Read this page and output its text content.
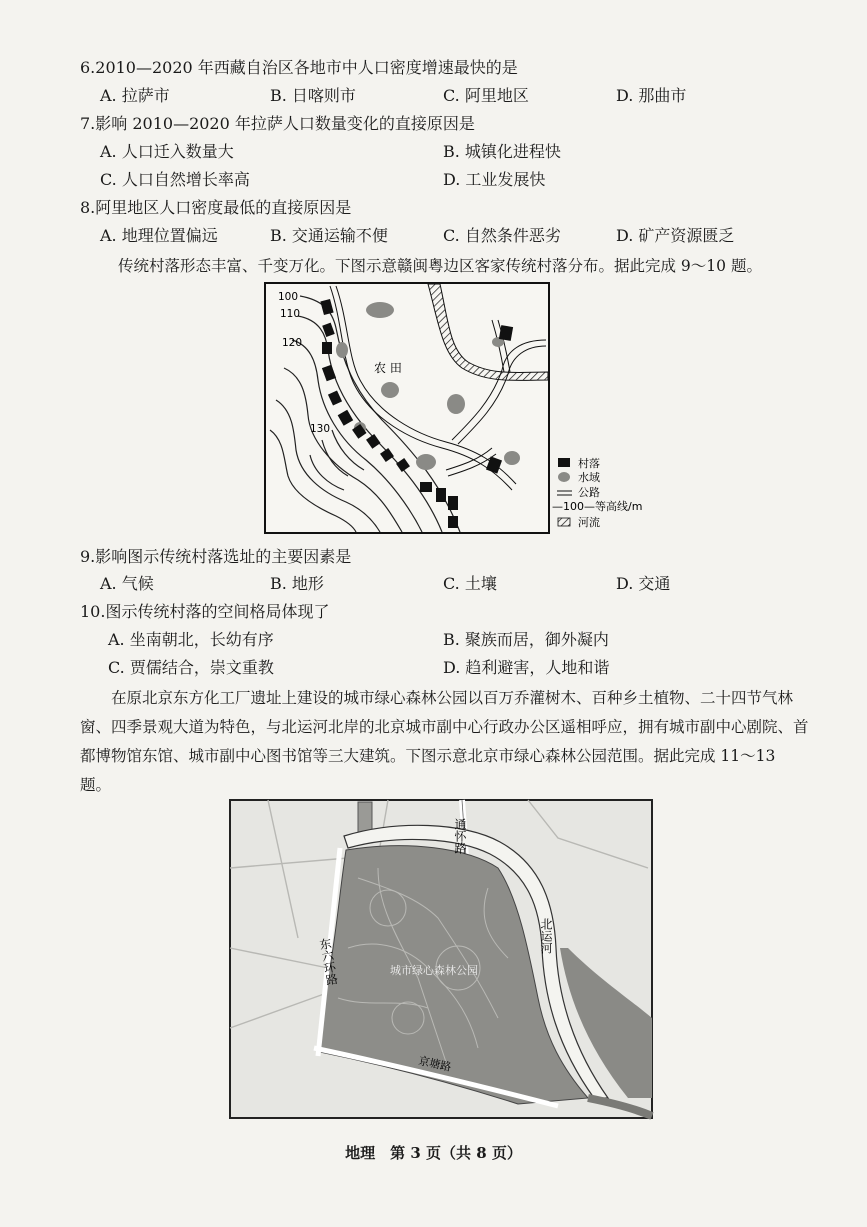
6.2010—2020 年西藏自治区各地市中人口密度增速最快的是
A. 拉萨市	B. 日喀则市	C. 阿里地区	D. 那曲市
7.影响 2010—2020 年拉萨人口数量变化的直接原因是
A. 人口迁入数量大	B. 城镇化进程快
C. 人口自然增长率高	D. 工业发展快
8.阿里地区人口密度最低的直接原因是
A. 地理位置偏远	B. 交通运输不便	C. 自然条件恶劣	D. 矿产资源匮乏
传统村落形态丰富、千变万化。下图示意赣闽粤边区客家传统村落分布。据此完成 9～10 题。
100
110
120
130
农 田
村落
水域
公路
—100—等高线/m
河流
9.影响图示传统村落选址的主要因素是
A. 气候	B. 地形	C. 土壤	D. 交通
10.图示传统村落的空间格局体现了
A. 坐南朝北，长幼有序	B. 聚族而居，御外凝内
C. 贾儒结合，崇文重教	D. 趋利避害，人地和谐
在原北京东方化工厂遗址上建设的城市绿心森林公园以百万乔灌树木、百种乡土植物、二十四节气林窗、四季景观大道为特色，与北运河北岸的北京城市副中心行政办公区遥相呼应，拥有城市副中心剧院、首都博物馆东馆、城市副中心图书馆等三大建筑。下图示意北京市绿心森林公园范围。据此完成 11～13 题。
通怀路
北运河
东六环路	城市绿心森林公园
京塘路
地理　第 3 页（共 8 页）
